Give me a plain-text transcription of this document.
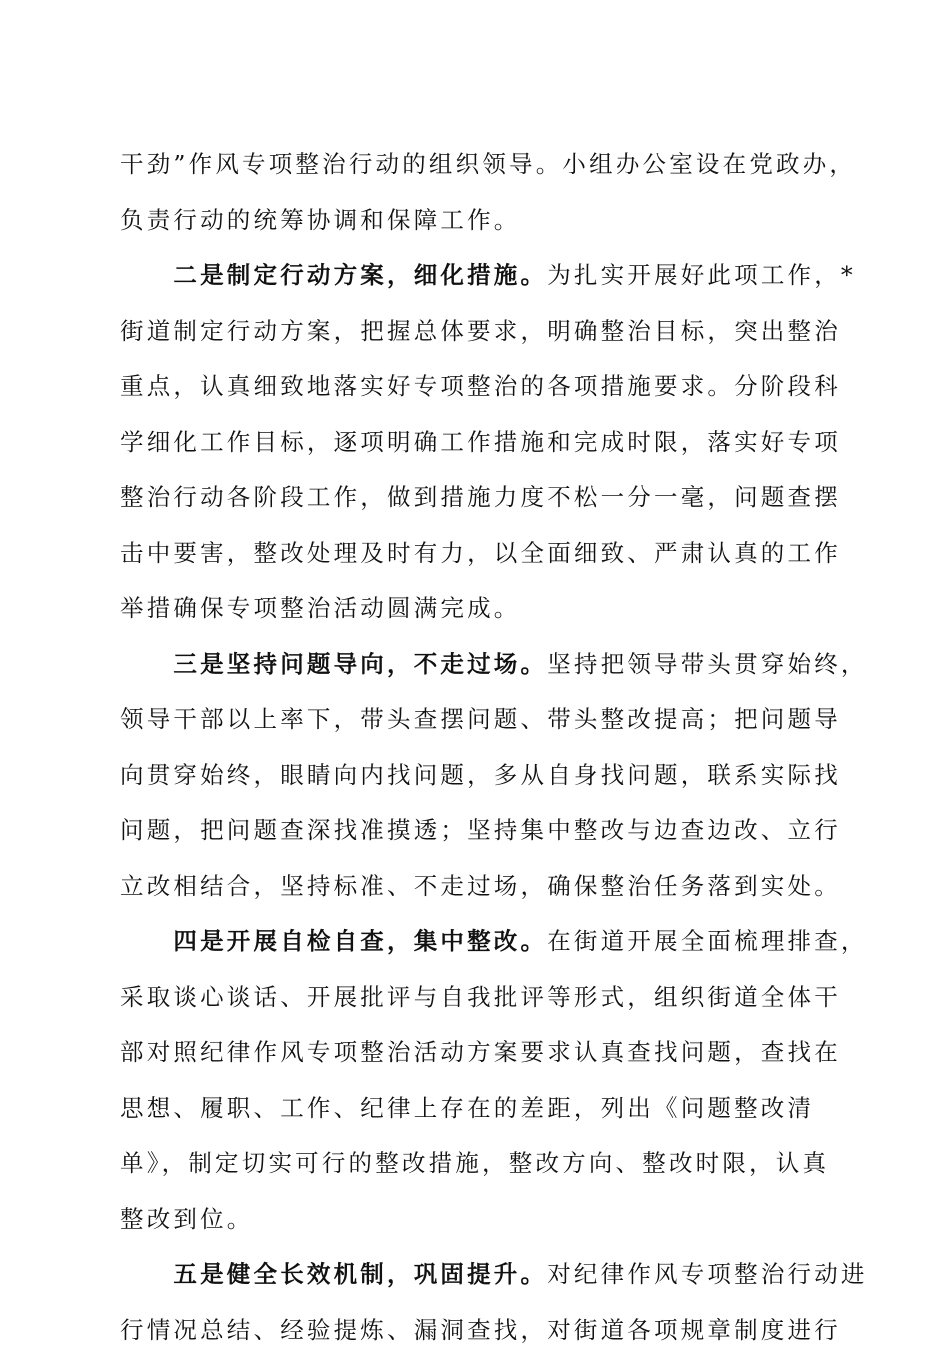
干劲”作风专项整治行动的组织领导。小组办公室设在党政办，
负责行动的统筹协调和保障工作。

　　二是制定行动方案，细化措施。为扎实开展好此项工作，*
街道制定行动方案，把握总体要求，明确整治目标，突出整治
重点，认真细致地落实好专项整治的各项措施要求。分阶段科
学细化工作目标，逐项明确工作措施和完成时限，落实好专项
整治行动各阶段工作，做到措施力度不松一分一毫，问题查摆
击中要害，整改处理及时有力，以全面细致、严肃认真的工作
举措确保专项整治活动圆满完成。

　　三是坚持问题导向，不走过场。坚持把领导带头贯穿始终，
领导干部以上率下，带头查摆问题、带头整改提高；把问题导
向贯穿始终，眼睛向内找问题，多从自身找问题，联系实际找
问题，把问题查深找准摸透；坚持集中整改与边查边改、立行
立改相结合，坚持标准、不走过场，确保整治任务落到实处。

　　四是开展自检自查，集中整改。在街道开展全面梳理排查，
采取谈心谈话、开展批评与自我批评等形式，组织街道全体干
部对照纪律作风专项整治活动方案要求认真查找问题，查找在
思想、履职、工作、纪律上存在的差距，列出《问题整改清
单》，制定切实可行的整改措施，整改方向、整改时限，认真
整改到位。

　　五是健全长效机制，巩固提升。对纪律作风专项整治行动进
行情况总结、经验提炼、漏洞查找，对街道各项规章制度进行
